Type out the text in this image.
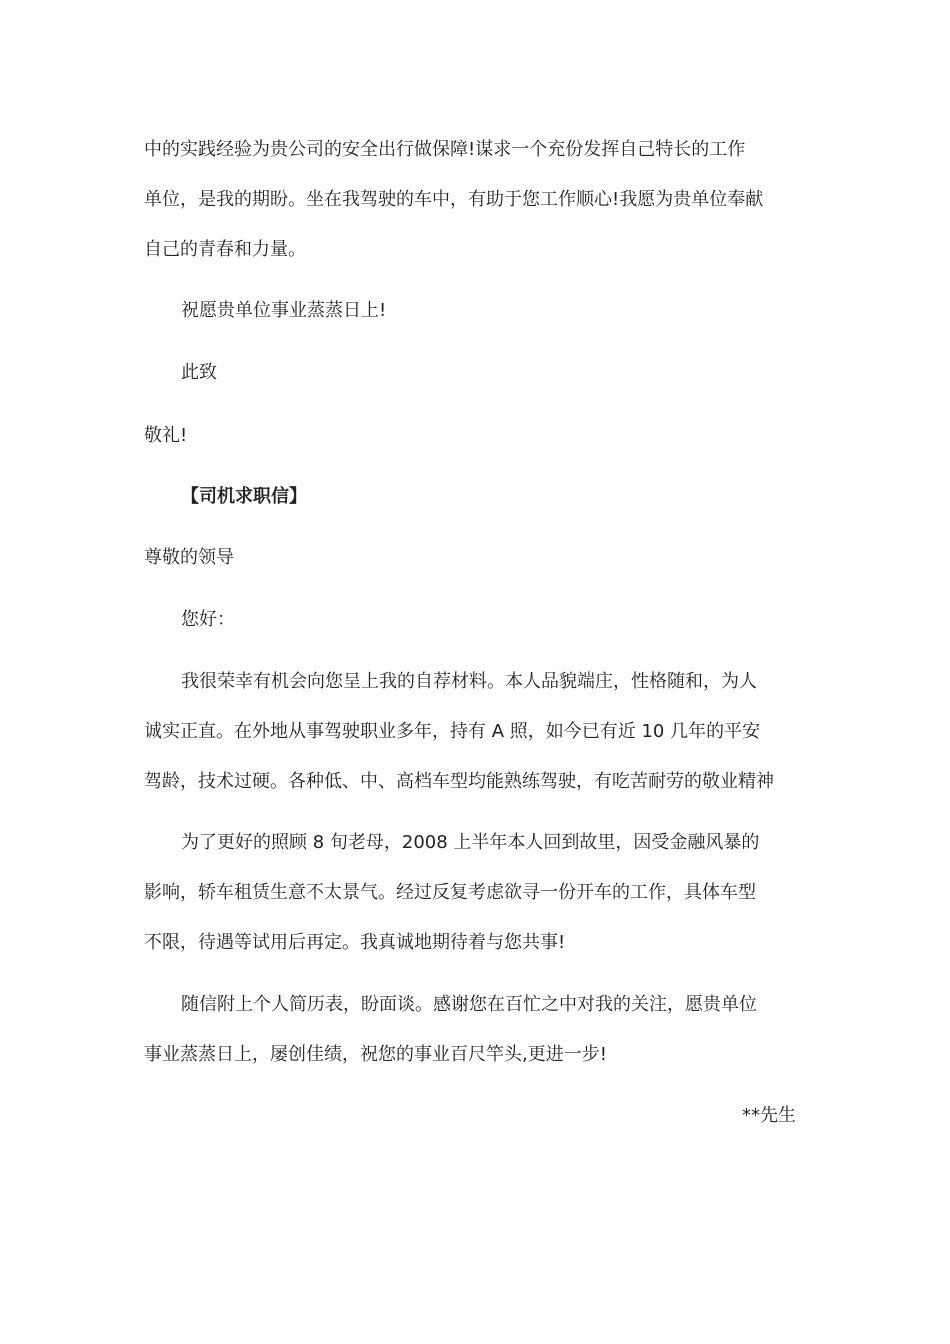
中的实践经验为贵公司的安全出行做保障!谋求一个充份发挥自己特长的工作
单位，是我的期盼。坐在我驾驶的车中，有助于您工作顺心!我愿为贵单位奉献
自己的青春和力量。
祝愿贵单位事业蒸蒸日上!
此致
敬礼!
【司机求职信】
尊敬的领导
您好：
我很荣幸有机会向您呈上我的自荐材料。本人品貌端庄，性格随和，为人
诚实正直。在外地从事驾驶职业多年，持有 A 照，如今已有近 10 几年的平安
驾龄，技术过硬。各种低、中、高档车型均能熟练驾驶，有吃苦耐劳的敬业精神
为了更好的照顾 8 旬老母，2008 上半年本人回到故里，因受金融风暴的
影响，轿车租赁生意不太景气。经过反复考虑欲寻一份开车的工作，具体车型
不限，待遇等试用后再定。我真诚地期待着与您共事!
随信附上个人简历表，盼面谈。感谢您在百忙之中对我的关注，愿贵单位
事业蒸蒸日上，屡创佳绩，祝您的事业百尺竿头,更进一步!
**先生
